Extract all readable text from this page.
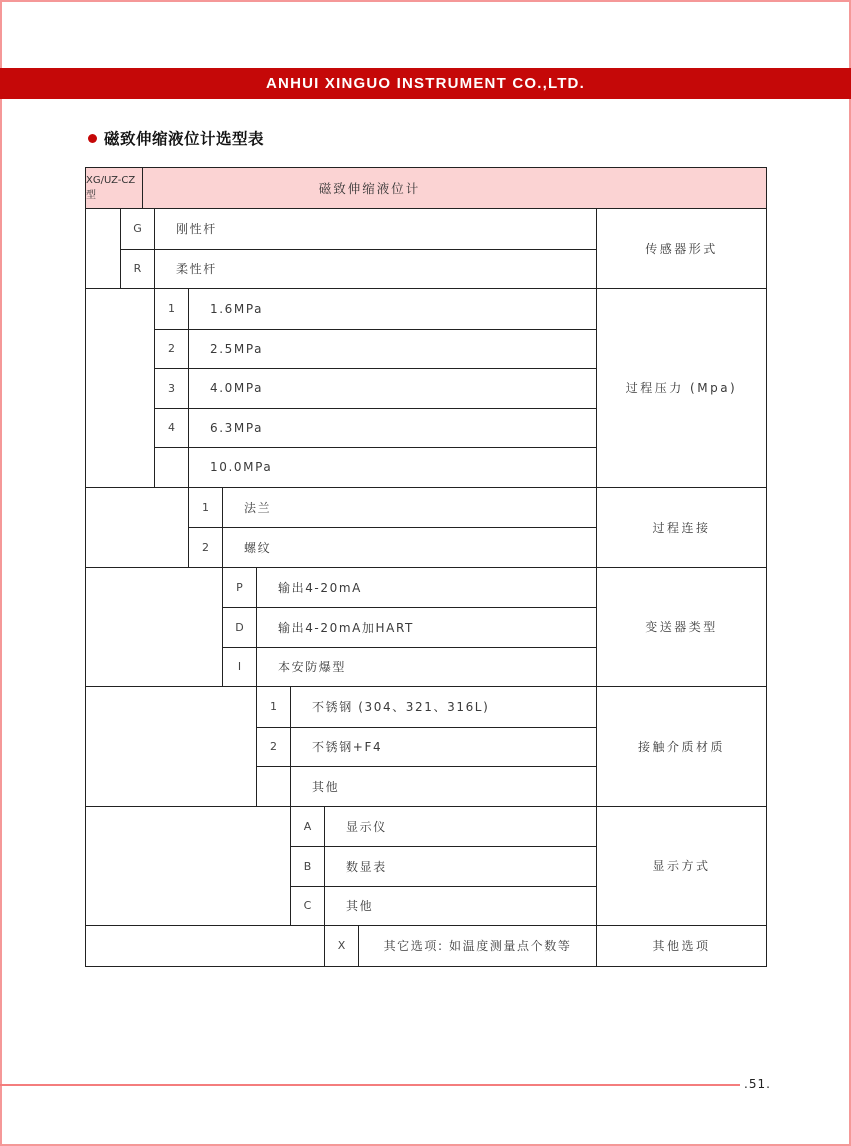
ANHUI XINGUO INSTRUMENT CO.,LTD.
磁致伸缩液位计选型表
XG/UZ-CZ型	磁致伸缩液位计
G	刚性杆
R	柔性杆
传感器形式
1	1.6MPa
2	2.5MPa
3	4.0MPa
4	6.3MPa
10.0MPa
过程压力 (Mpa)
1	法兰
2	螺纹
过程连接
P	输出4-20mA
D	输出4-20mA加HART
I	本安防爆型
变送器类型
1	不锈钢 (304、321、316L)
2	不锈钢+F4
其他
接触介质材质
A	显示仪
B	数显表
C	其他
显示方式
X	其它选项: 如温度测量点个数等	其他选项
.51.
